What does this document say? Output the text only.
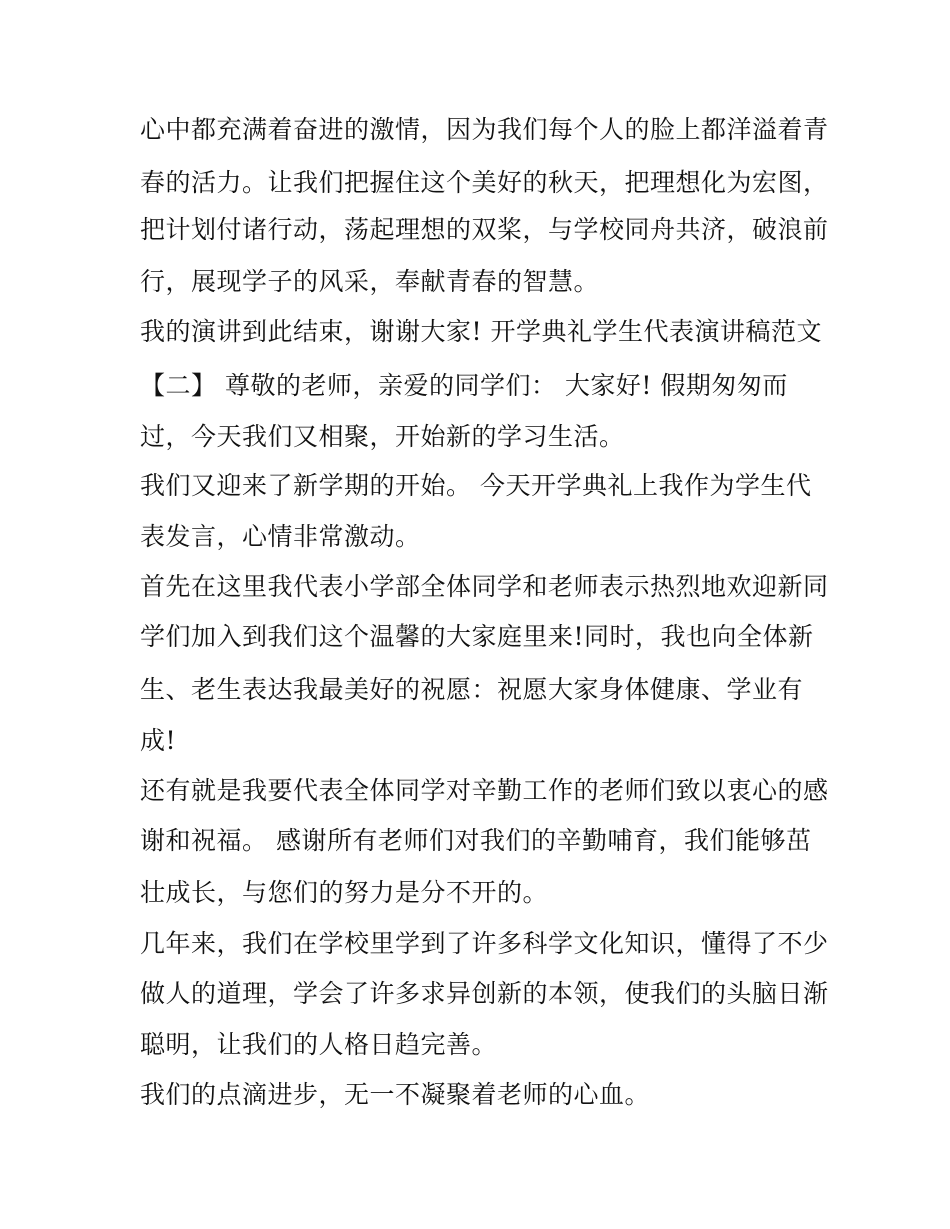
心中都充满着奋进的激情，因为我们每个人的脸上都洋溢着青
春的活力。让我们把握住这个美好的秋天，把理想化为宏图，
把计划付诸行动，荡起理想的双桨，与学校同舟共济，破浪前
行，展现学子的风采，奉献青春的智慧。
我的演讲到此结束，谢谢大家! 开学典礼学生代表演讲稿范文
【二】 尊敬的老师，亲爱的同学们： 大家好! 假期匆匆而
过，今天我们又相聚，开始新的学习生活。
我们又迎来了新学期的开始。 今天开学典礼上我作为学生代
表发言，心情非常激动。
首先在这里我代表小学部全体同学和老师表示热烈地欢迎新同
学们加入到我们这个温馨的大家庭里来!同时，我也向全体新
生、老生表达我最美好的祝愿：祝愿大家身体健康、学业有
成!
还有就是我要代表全体同学对辛勤工作的老师们致以衷心的感
谢和祝福。 感谢所有老师们对我们的辛勤哺育，我们能够茁
壮成长，与您们的努力是分不开的。
几年来，我们在学校里学到了许多科学文化知识，懂得了不少
做人的道理，学会了许多求异创新的本领，使我们的头脑日渐
聪明，让我们的人格日趋完善。
我们的点滴进步，无一不凝聚着老师的心血。
